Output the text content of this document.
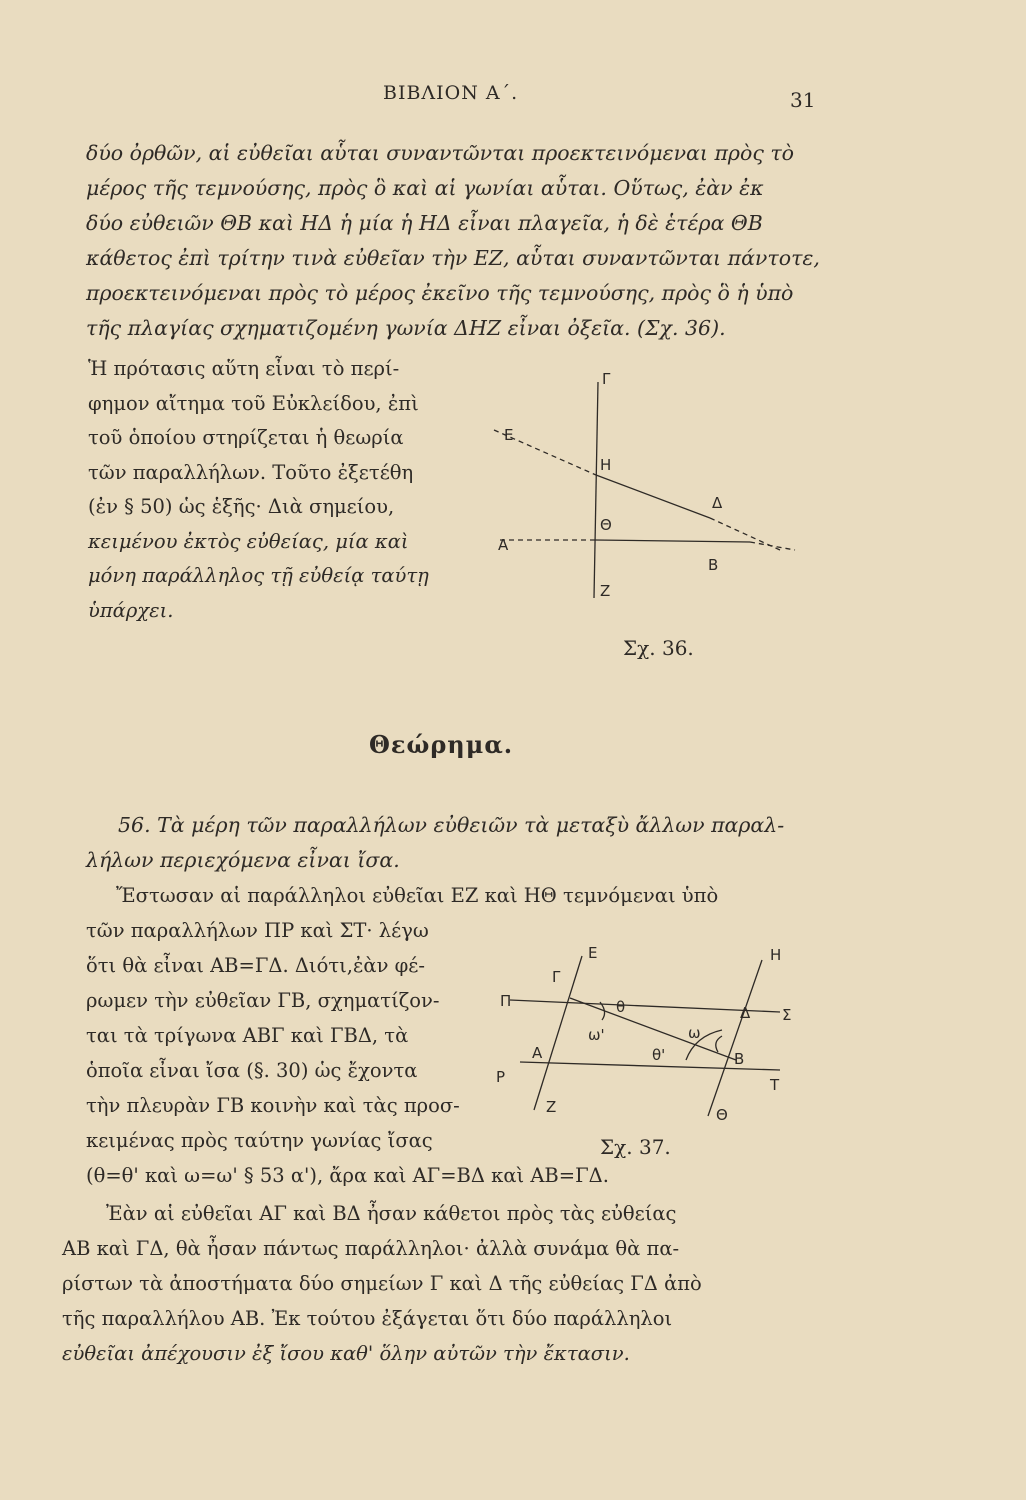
ΒΙΒΛΙΟΝ Α΄.	31
δύο ὀρθῶν, αἱ εὐθεῖαι αὗται συναντῶνται προεκτεινόμεναι πρὸς τὸ
μέρος τῆς τεμνούσης, πρὸς ὃ καὶ αἱ γωνίαι αὗται. Οὕτως, ἐὰν ἐκ
δύο εὐθειῶν ΘΒ καὶ ΗΔ ἡ μία ἡ ΗΔ εἶναι πλαγεῖα, ἡ δὲ ἑτέρα ΘΒ
κάθετος ἐπὶ τρίτην τινὰ εὐθεῖαν τὴν ΕΖ, αὗται συναντῶνται πάντοτε,
προεκτεινόμεναι πρὸς τὸ μέρος ἐκεῖνο τῆς τεμνούσης, πρὸς ὃ ἡ ὑπὸ
τῆς πλαγίας σχηματιζομένη γωνία ΔΗΖ εἶναι ὀξεῖα. (Σχ. 36).
Ἡ πρότασις αὕτη εἶναι τὸ περί-
φημον αἴτημα τοῦ Εὐκλείδου, ἐπὶ
τοῦ ὁποίου στηρίζεται ἡ θεωρία
τῶν παραλλήλων. Τοῦτο ἐξετέθη
(ἐν § 50) ὡς ἑξῆς· Διὰ σημείου,
κειμένου ἐκτὸς εὐθείας, μία καὶ
μόνη παράλληλος τῇ εὐθείᾳ ταύτῃ
ὑπάρχει.
Γ
Ε
Η
Δ
Θ
Α
Β
Ζ
Σχ. 36.
Θεώρημα.
56. Τὰ μέρη τῶν παραλλήλων εὐθειῶν τὰ μεταξὺ ἄλλων παραλ-
λήλων περιεχόμενα εἶναι ἴσα.
Ἔστωσαν αἱ παράλληλοι εὐθεῖαι ΕΖ καὶ ΗΘ τεμνόμεναι ὑπὸ
τῶν παραλλήλων ΠΡ καὶ ΣΤ· λέγω
ὅτι θὰ εἶναι ΑΒ=ΓΔ. Διότι,ἐὰν φέ-
ρωμεν τὴν εὐθεῖαν ΓΒ, σχηματίζον-
ται τὰ τρίγωνα ΑΒΓ καὶ ΓΒΔ, τὰ
ὁποῖα εἶναι ἴσα (§. 30) ὡς ἔχοντα
τὴν πλευρὰν ΓΒ κοινὴν καὶ τὰς προσ-
κειμένας πρὸς ταύτην γωνίας ἴσας
(θ=θ' καὶ ω=ω' § 53 α'), ἄρα καὶ ΑΓ=ΒΔ καὶ ΑΒ=ΓΔ.
Ε	Η
Γ
Π	θ	Δ Σ
ω'	ω
Α	θ'	Β
Ρ	Τ
Ζ	Θ
Σχ. 37.
Ἐὰν αἱ εὐθεῖαι ΑΓ καὶ ΒΔ ἦσαν κάθετοι πρὸς τὰς εὐθείας
ΑΒ καὶ ΓΔ, θὰ ἦσαν πάντως παράλληλοι· ἀλλὰ συνάμα θὰ πα-
ρίστων τὰ ἀποστήματα δύο σημείων Γ καὶ Δ τῆς εὐθείας ΓΔ ἀπὸ
τῆς παραλλήλου ΑΒ. Ἐκ τούτου ἐξάγεται ὅτι δύο παράλληλοι
εὐθεῖαι ἀπέχουσιν ἐξ ἴσου καθ' ὅλην αὐτῶν τὴν ἔκτασιν.
